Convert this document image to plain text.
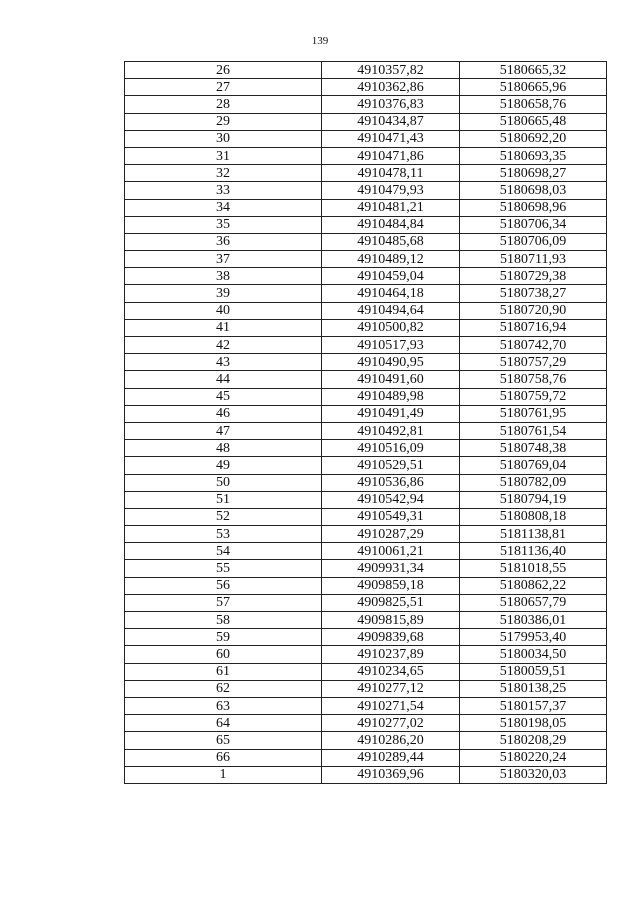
139
26	4910357,82	5180665,32
27	4910362,86	5180665,96
28	4910376,83	5180658,76
29	4910434,87	5180665,48
30	4910471,43	5180692,20
31	4910471,86	5180693,35
32	4910478,11	5180698,27
33	4910479,93	5180698,03
34	4910481,21	5180698,96
35	4910484,84	5180706,34
36	4910485,68	5180706,09
37	4910489,12	5180711,93
38	4910459,04	5180729,38
39	4910464,18	5180738,27
40	4910494,64	5180720,90
41	4910500,82	5180716,94
42	4910517,93	5180742,70
43	4910490,95	5180757,29
44	4910491,60	5180758,76
45	4910489,98	5180759,72
46	4910491,49	5180761,95
47	4910492,81	5180761,54
48	4910516,09	5180748,38
49	4910529,51	5180769,04
50	4910536,86	5180782,09
51	4910542,94	5180794,19
52	4910549,31	5180808,18
53	4910287,29	5181138,81
54	4910061,21	5181136,40
55	4909931,34	5181018,55
56	4909859,18	5180862,22
57	4909825,51	5180657,79
58	4909815,89	5180386,01
59	4909839,68	5179953,40
60	4910237,89	5180034,50
61	4910234,65	5180059,51
62	4910277,12	5180138,25
63	4910271,54	5180157,37
64	4910277,02	5180198,05
65	4910286,20	5180208,29
66	4910289,44	5180220,24
1	4910369,96	5180320,03
